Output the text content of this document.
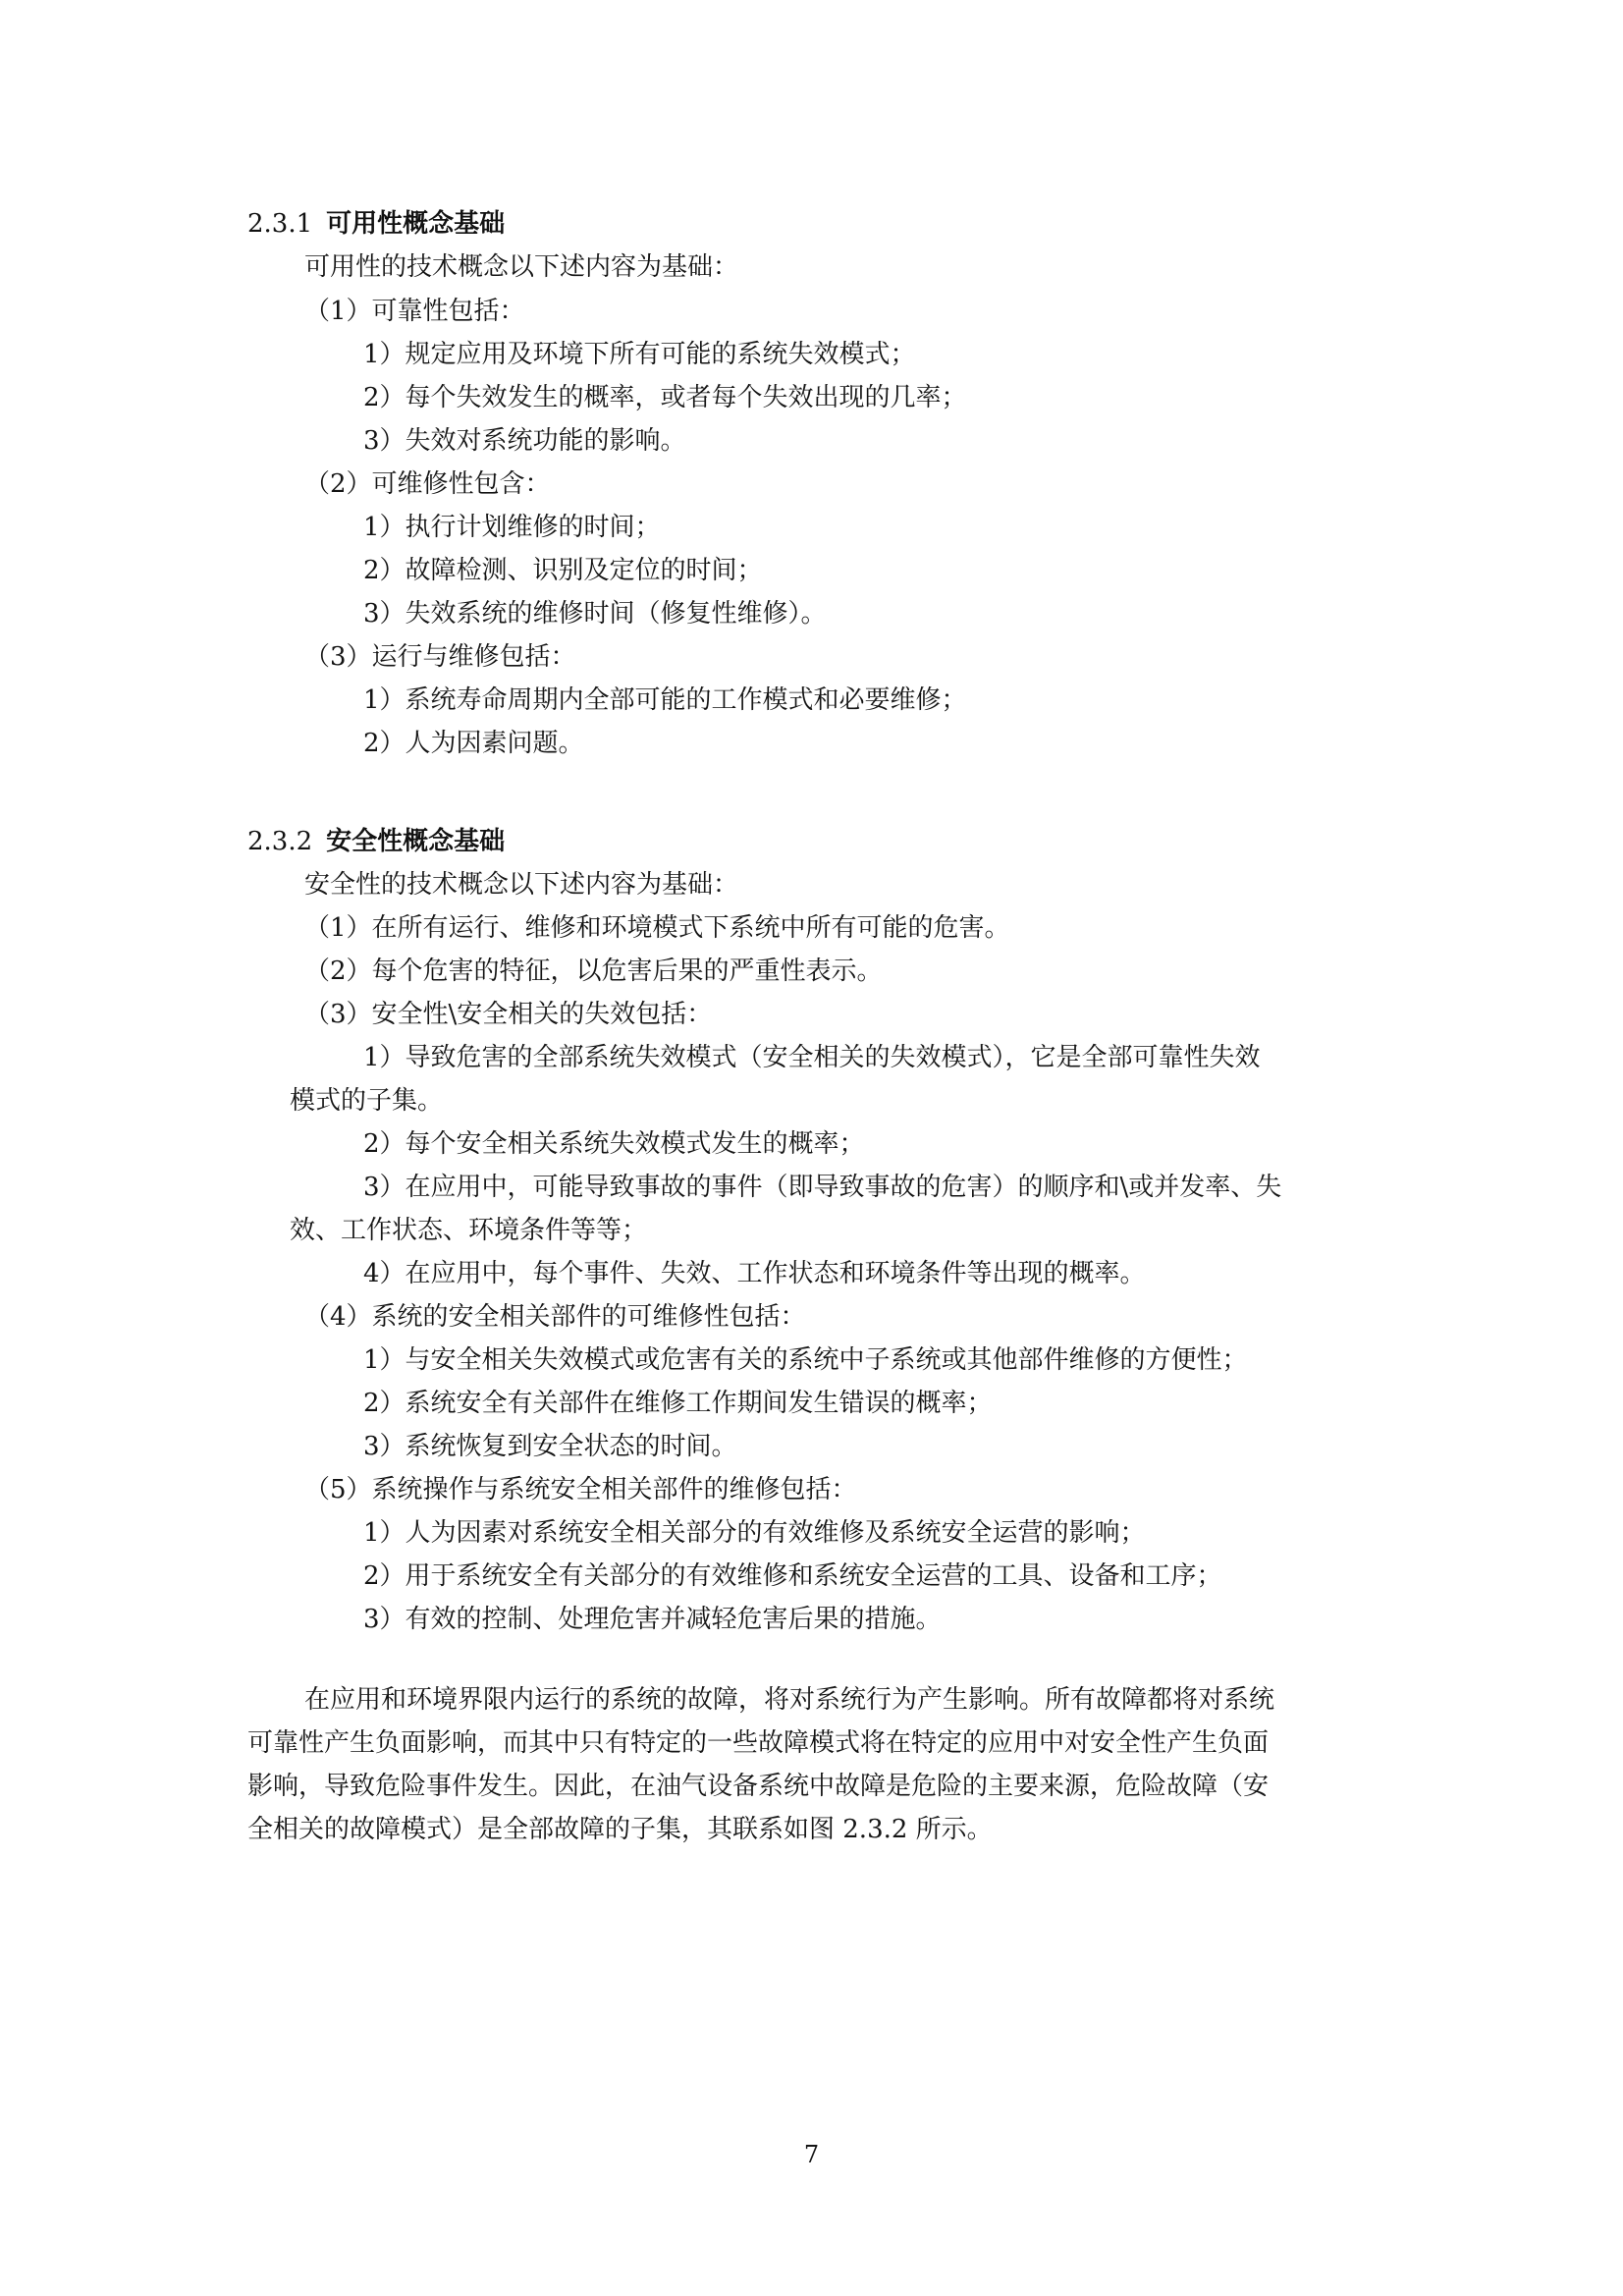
2.3.1 可用性概念基础
可用性的技术概念以下述内容为基础：
（1）可靠性包括：
1）规定应用及环境下所有可能的系统失效模式；
2）每个失效发生的概率，或者每个失效出现的几率；
3）失效对系统功能的影响。
（2）可维修性包含：
1）执行计划维修的时间；
2）故障检测、识别及定位的时间；
3）失效系统的维修时间（修复性维修）。
（3）运行与维修包括：
1）系统寿命周期内全部可能的工作模式和必要维修；
2）人为因素问题。
2.3.2 安全性概念基础
安全性的技术概念以下述内容为基础：
（1）在所有运行、维修和环境模式下系统中所有可能的危害。
（2）每个危害的特征，以危害后果的严重性表示。
（3）安全性\安全相关的失效包括：
1）导致危害的全部系统失效模式（安全相关的失效模式），它是全部可靠性失效
模式的子集。
2）每个安全相关系统失效模式发生的概率；
3）在应用中，可能导致事故的事件（即导致事故的危害）的顺序和\或并发率、失
效、工作状态、环境条件等等；
4）在应用中，每个事件、失效、工作状态和环境条件等出现的概率。
（4）系统的安全相关部件的可维修性包括：
1）与安全相关失效模式或危害有关的系统中子系统或其他部件维修的方便性；
2）系统安全有关部件在维修工作期间发生错误的概率；
3）系统恢复到安全状态的时间。
（5）系统操作与系统安全相关部件的维修包括：
1）人为因素对系统安全相关部分的有效维修及系统安全运营的影响；
2）用于系统安全有关部分的有效维修和系统安全运营的工具、设备和工序；
3）有效的控制、处理危害并减轻危害后果的措施。
在应用和环境界限内运行的系统的故障，将对系统行为产生影响。所有故障都将对系统
可靠性产生负面影响，而其中只有特定的一些故障模式将在特定的应用中对安全性产生负面
影响，导致危险事件发生。因此，在油气设备系统中故障是危险的主要来源，危险故障（安
全相关的故障模式）是全部故障的子集，其联系如图 2.3.2 所示。
7
